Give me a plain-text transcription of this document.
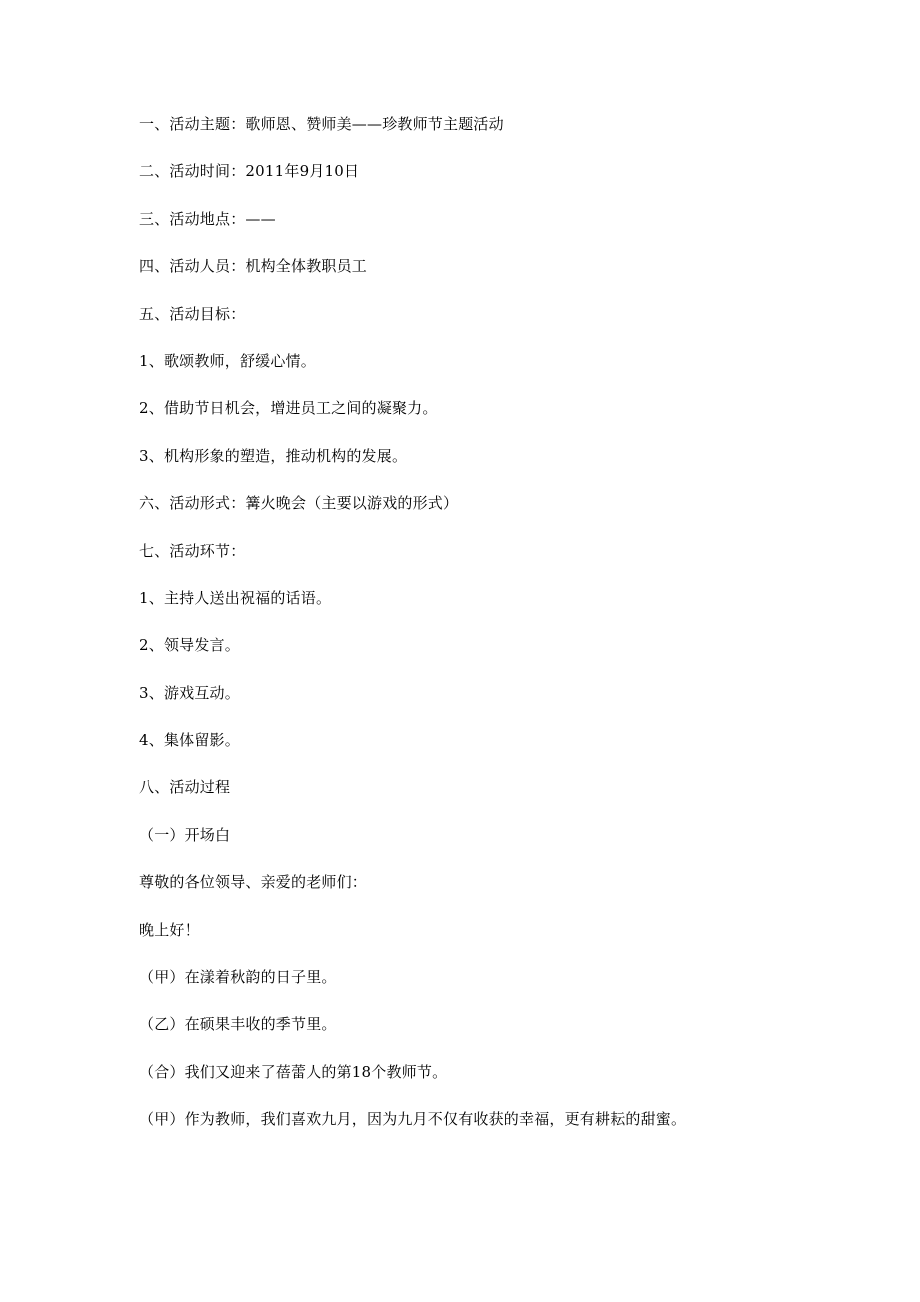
一、活动主题：歌师恩、赞师美——珍教师节主题活动
二、活动时间：2011年9月10日
三、活动地点：——
四、活动人员：机构全体教职员工
五、活动目标：
1、歌颂教师，舒缓心情。
2、借助节日机会，增进员工之间的凝聚力。
3、机构形象的塑造，推动机构的发展。
六、活动形式：篝火晚会（主要以游戏的形式）
七、活动环节：
1、主持人送出祝福的话语。
2、领导发言。
3、游戏互动。
4、集体留影。
八、活动过程
（一）开场白
尊敬的各位领导、亲爱的老师们：
晚上好！
（甲）在漾着秋韵的日子里。
（乙）在硕果丰收的季节里。
（合）我们又迎来了蓓蕾人的第18个教师节。
（甲）作为教师，我们喜欢九月，因为九月不仅有收获的幸福，更有耕耘的甜蜜。
